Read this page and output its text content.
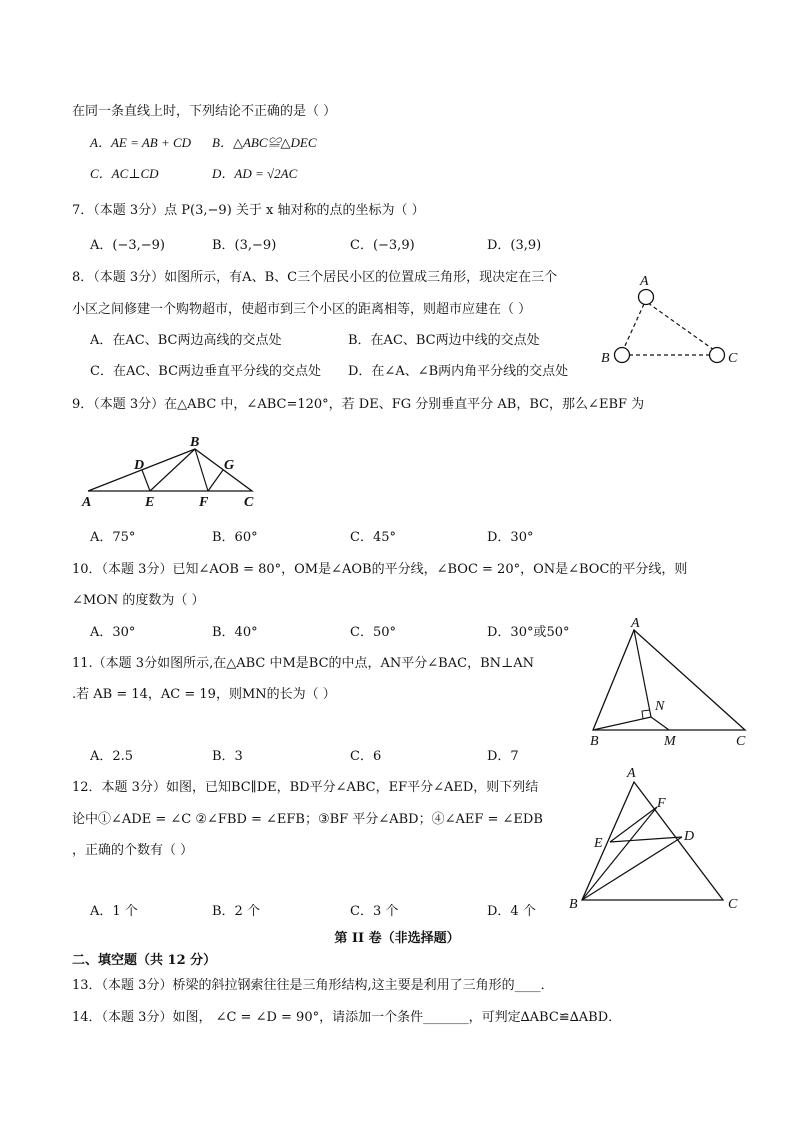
在同一条直线上时，下列结论不正确的是（ ）
A．AE = AB + CD B．△ABC≌△DEC
C．AC⊥CD	D．AD = √2AC
7．（本题 3分）点 P(3,−9) 关于 x 轴对称的点的坐标为（ ）
A．(−3,−9)	B．(3,−9)	C．(−3,9)	D．(3,9)
8．（本题 3分）如图所示，有A、B、C三个居民小区的位置成三角形，现决定在三个
小区之间修建一个购物超市，使超市到三个小区的距离相等，则超市应建在（ ）
A．在AC、BC两边高线的交点处	B．在AC、BC两边中线的交点处
C．在AC、BC两边垂直平分线的交点处 D．在∠A、∠B两内角平分线的交点处
A
B	C
9．（本题 3分）在△ABC 中，∠ABC=120°，若 DE、FG 分别垂直平分 AB，BC，那么∠EBF 为
B
D	G
A	E	F	C
A．75°	B．60°	C．45°	D．30°
10．（本题 3分）已知∠AOB = 80°，OM是∠AOB的平分线，∠BOC = 20°，ON是∠BOC的平分线，则
∠MON 的度数为（ ）
A．30°	B．40°	C．50°	D．30°或50°
11.（本题 3分如图所示,在△ABC 中M是BC的中点，AN平分∠BAC，BN⊥AN
.若 AB = 14，AC = 19，则MN的长为（ ）
A．2.5	B．3	C．6	D．7
A
N
B	M	C
12．本题 3分）如图，已知BC∥DE，BD平分∠ABC，EF平分∠AED，则下列结
论中①∠ADE = ∠C ②∠FBD = ∠EFB；③BF 平分∠ABD；④∠AEF = ∠EDB
，正确的个数有（ ）
A．1 个	B．2 个	C．3 个	D．4 个
A
F
E	D
B	C
第 II 卷（非选择题）
二、填空题（共 12 分）
13．（本题 3分）桥梁的斜拉钢索往往是三角形结构,这主要是利用了三角形的____．
14．（本题 3分）如图， ∠C = ∠D = 90°，请添加一个条件_______，可判定∆ABC≌∆ABD．
